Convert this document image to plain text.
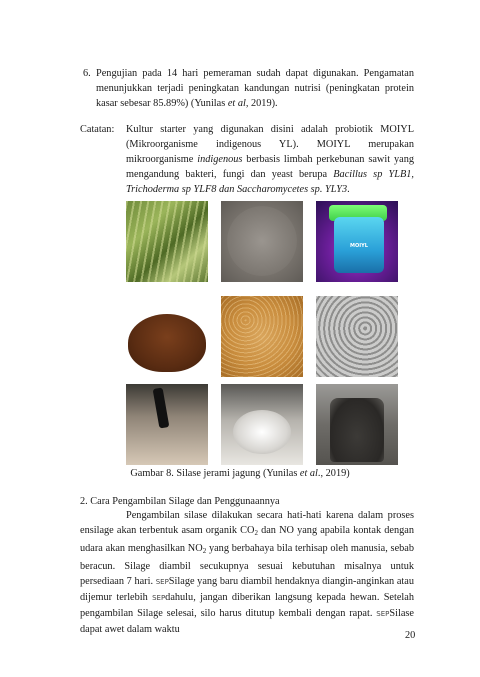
6. Pengujian pada 14 hari pemeraman sudah dapat digunakan. Pengamatan menunjukkan terjadi peningkatan kandungan nutrisi (peningkatan protein kasar sebesar 85.89%) (Yunilas et al, 2019).

Catatan: Kultur starter yang digunakan disini adalah probiotik MOIYL (Mikroorganisme indigenous YL). MOIYL merupakan mikroorganisme indigenous berbasis limbah perkebunan sawit yang mengandung bakteri, fungi dan yeast berupa Bacillus sp YLB1, Trichoderma sp YLF8 dan Saccharomycetes sp. YLY3.

MOIYL
Gambar 8. Silase jerami jagung (Yunilas et al., 2019)
2. Cara Pengambilan Silage dan Penggunaannya

Pengambilan silase dilakukan secara hati-hati karena dalam proses ensilage akan terbentuk asam organik $CO_2$ dan NO yang apabila kontak dengan udara akan menghasilkan $NO_2$ yang berbahaya bila terhisap oleh manusia, sebab beracun. Silage diambil secukupnya sesuai kebutuhan misalnya untuk persediaan 7 hari. SEPSilage yang baru diambil hendaknya diangin-anginkan atau dijemur terlebih SEPdahulu, jangan diberikan langsung kepada hewan. Setelah pengambilan Silage selesai, silo harus ditutup kembali dengan rapat. SEPSilase dapat awet dalam waktu

20
